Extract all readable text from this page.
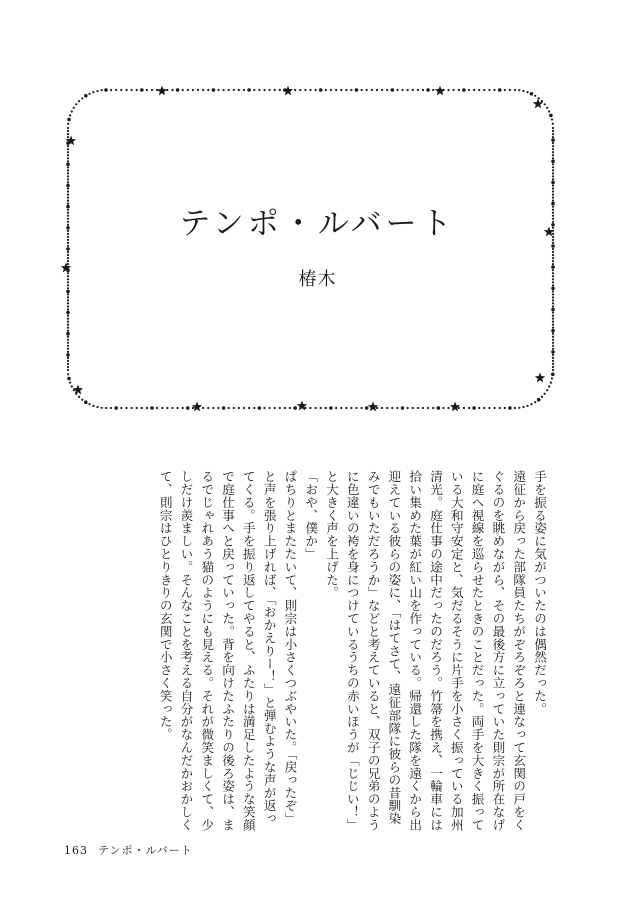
テンポ・ルバート
椿木

手を振る姿に気がついたのは偶然だった。

遠征から戻った部隊員たちがぞろぞろと連なって玄関の戸をくぐるのを眺めながら、その最後方に立っていた則宗が所在なげに庭へ視線を巡らせたときのことだった。両手を大きく振っている大和守安定と、気だるそうに片手を小さく振っている加州清光。庭仕事の途中だったのだろう。竹箒を携え、一輪車には拾い集めた葉が紅い山を作っている。帰還した隊を遠くから出迎えている彼らの姿に、「はてさて、遠征部隊に彼らの昔馴染みでもいただろうか」などと考えていると、双子の兄弟のように色違いの袴を身につけているうちの赤いほうが「じじい！」と大きく声を上げた。

「おや、僕か」

ぱちりとまたたいて、則宗は小さくつぶやいた。「戻ったぞ」と声を張り上げれば、「おかえりー！」と弾むような声が返ってくる。手を振り返してやると、ふたりは満足したような笑顔で庭仕事へと戻っていった。背を向けたふたりの後ろ姿は、まるでじゃれあう猫のようにも見える。それが微笑ましくて、少しだけ羨ましい。そんなことを考える自分がなんだかおかしくて、則宗はひとりきりの玄関で小さく笑った。

163 テンポ・ルバート
